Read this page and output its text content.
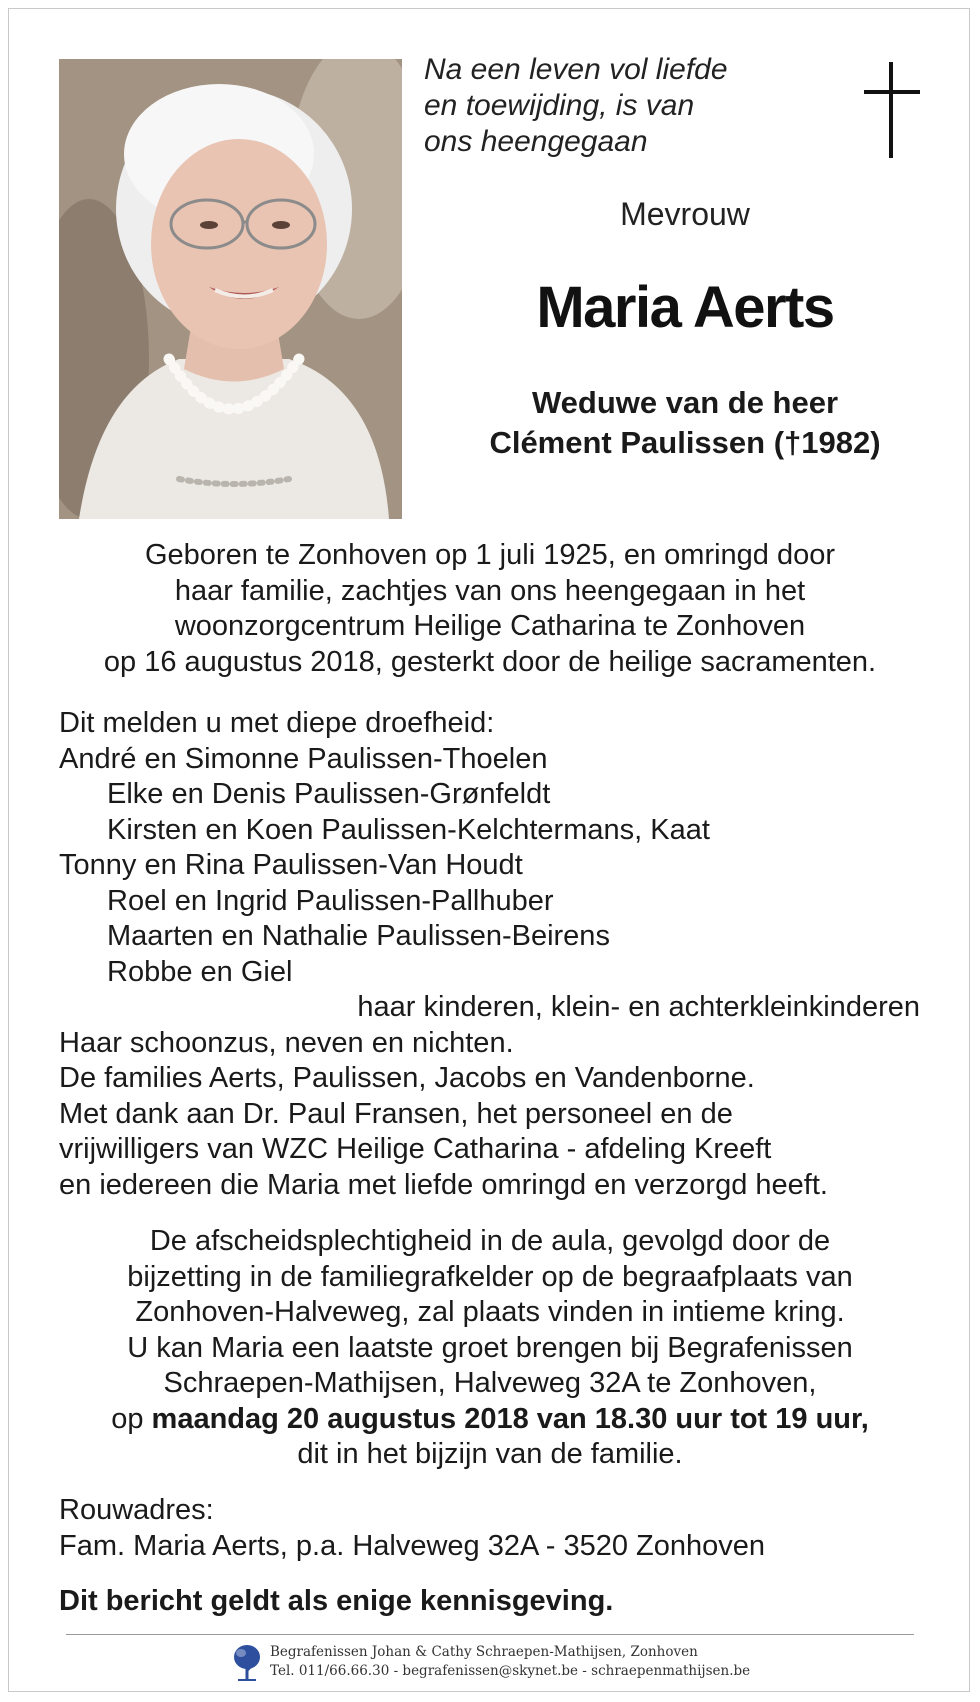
Na een leven vol liefde
en toewijding, is van
ons heengegaan
Mevrouw
Maria Aerts
Weduwe van de heer
Clément Paulissen (†1982)
Geboren te Zonhoven op 1 juli 1925, en omringd door
haar familie, zachtjes van ons heengegaan in het
woonzorgcentrum Heilige Catharina te Zonhoven
op 16 augustus 2018, gesterkt door de heilige sacramenten.
Dit melden u met diepe droefheid:
André en Simonne Paulissen-Thoelen
Elke en Denis Paulissen-Grønfeldt
Kirsten en Koen Paulissen-Kelchtermans, Kaat
Tonny en Rina Paulissen-Van Houdt
Roel en Ingrid Paulissen-Pallhuber
Maarten en Nathalie Paulissen-Beirens
Robbe en Giel
haar kinderen, klein- en achterkleinkinderen
Haar schoonzus, neven en nichten.
De families Aerts, Paulissen, Jacobs en Vandenborne.
Met dank aan Dr. Paul Fransen, het personeel en de
vrijwilligers van WZC Heilige Catharina - afdeling Kreeft
en iedereen die Maria met liefde omringd en verzorgd heeft.
De afscheidsplechtigheid in de aula, gevolgd door de
bijzetting in de familiegrafkelder op de begraafplaats van
Zonhoven-Halveweg, zal plaats vinden in intieme kring.
U kan Maria een laatste groet brengen bij Begrafenissen
Schraepen-Mathijsen, Halveweg 32A te Zonhoven,
op maandag 20 augustus 2018 van 18.30 uur tot 19 uur,
dit in het bijzijn van de familie.
Rouwadres:
Fam. Maria Aerts, p.a. Halveweg 32A - 3520 Zonhoven
Dit bericht geldt als enige kennisgeving.
Begrafenissen Johan & Cathy Schraepen-Mathijsen, Zonhoven
Tel. 011/66.66.30 - begrafenissen@skynet.be - schraepenmathijsen.be
